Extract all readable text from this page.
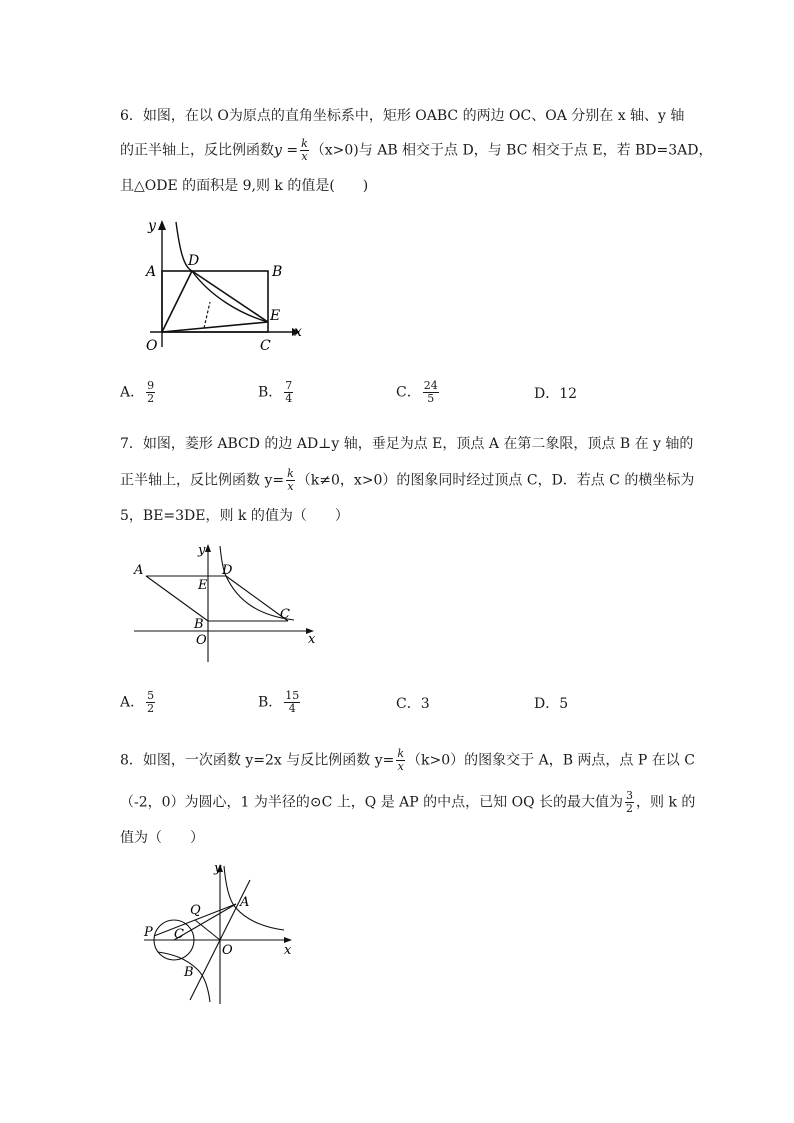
6．如图，在以 O为原点的直角坐标系中，矩形 OABC 的两边 OC、OA 分别在 x 轴、y 轴
的正半轴上，反比例函数$y = \frac{k}{x} (x>0)$与 AB 相交于点 D，与 BC 相交于点 E，若 BD=3AD，
且△ODE 的面积是 9,则 k 的值是(　　)
y
x
A
D
B
E
O	C
A． $\frac{9}{2}$	B． $\frac{7}{4}$	C． $\frac{24}{5}$	D．12
7．如图，菱形 ABCD 的边 AD⊥y 轴，垂足为点 E，顶点 A 在第二象限，顶点 B 在 y 轴的
正半轴上，反比例函数 $y= \frac{k}{x} (k\ne 0$，x>0）的图象同时经过顶点 C，D．若点 C 的横坐标为
5，BE=3DE，则 k 的值为（　　）
A
E
D
C
B
O
y
x
A． $\frac{5}{2}$	B． $\frac{15}{4}$	C．3	D．5
8．如图，一次函数 y=2x 与反比例函数 $y= \frac{k}{x} (k>0)$的图象交于 A，B 两点，点 P 在以 C
（-2，0）为圆心，1 为半径的⊙C 上，Q 是 AP 的中点，已知 OQ 长的最大值为 $\frac{3}{2}$ ，则 k 的
值为（　　）
y
x
A
Q
P C
O
B
